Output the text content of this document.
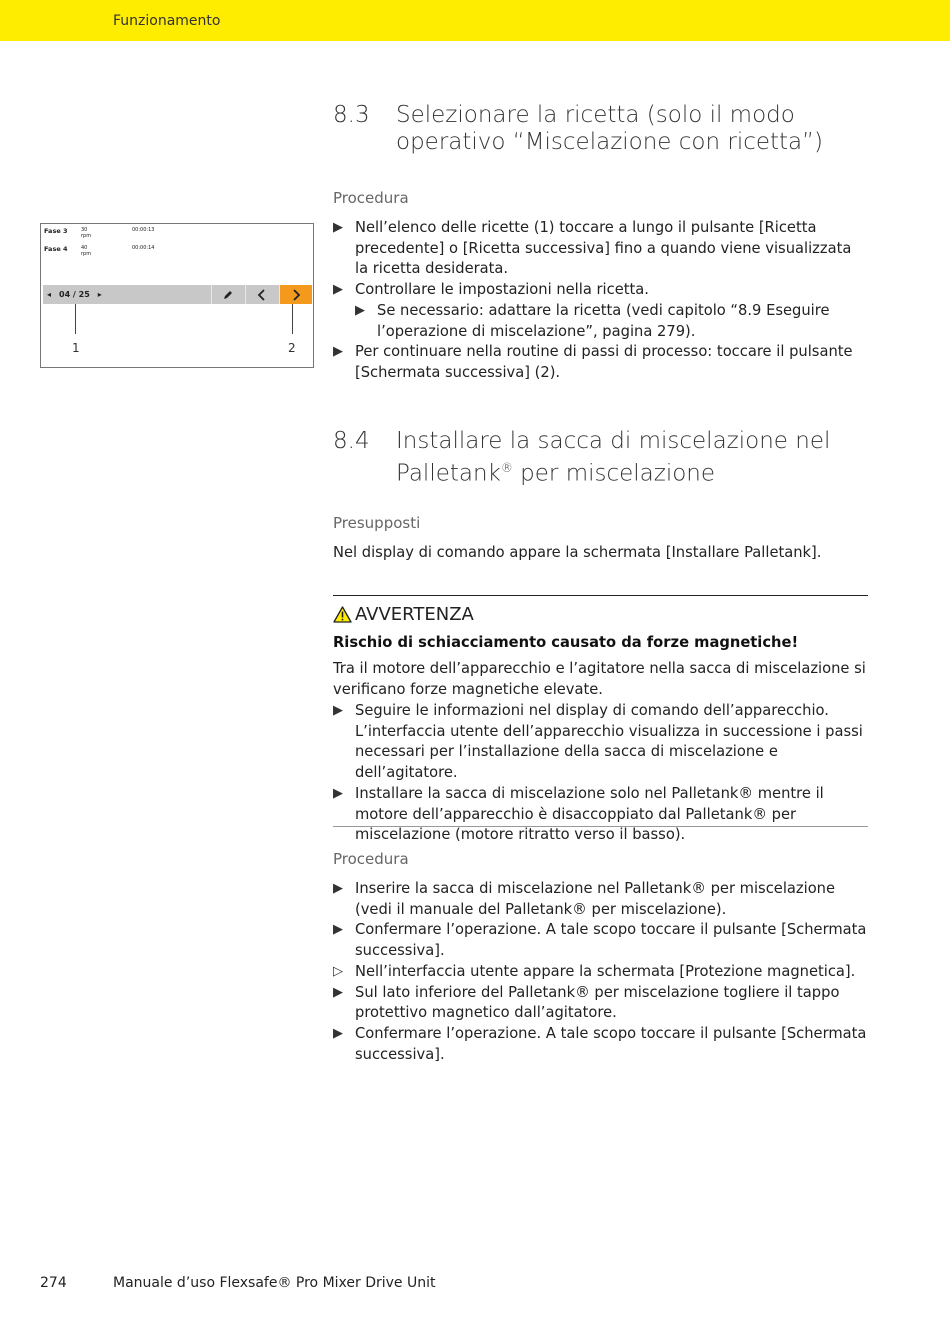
Funzionamento
8.3 Selezionare la ricetta (solo il modo operativo “Miscelazione con ricetta”)
Procedura
▶ Nell’elenco delle ricette (1) toccare a lungo il pulsante [Ricetta precedente] o [Ricetta successiva] fino a quando viene visualizzata la ricetta desiderata.
▶ Controllare le impostazioni nella ricetta.
▶ Se necessario: adattare la ricetta (vedi capitolo “8.9 Eseguire l’operazione di miscelazione”, pagina 279).
▶ Per continuare nella routine di passi di processo: toccare il pulsante [Schermata successiva] (2).
Fase 3	30 rpm
00:00:13
Fase 4	40 rpm
00:00:14
◂ 04 / 25 ▸
1	2
8.4 Installare la sacca di miscelazione nel
Palletank® per miscelazione
Presupposti
Nel display di comando appare la schermata [Installare Palletank].
AVVERTENZA
Rischio di schiacciamento causato da forze magnetiche!
Tra il motore dell’apparecchio e l’agitatore nella sacca di miscelazione si verificano forze magnetiche elevate.
▶ Seguire le informazioni nel display di comando dell’apparecchio. L’interfaccia utente dell’apparecchio visualizza in successione i passi necessari per l’installazione della sacca di miscelazione e dell’agitatore.
▶ Installare la sacca di miscelazione solo nel Palletank® mentre il motore dell’apparecchio è disaccoppiato dal Palletank® per miscelazione (motore ritratto verso il basso).
Procedura
▶ Inserire la sacca di miscelazione nel Palletank® per miscelazione (vedi il manuale del Palletank® per miscelazione).
▶ Confermare l’operazione. A tale scopo toccare il pulsante [Schermata successiva].
▷ Nell’interfaccia utente appare la schermata [Protezione magnetica].
▶ Sul lato inferiore del Palletank® per miscelazione togliere il tappo protettivo magnetico dall’agitatore.
▶ Confermare l’operazione. A tale scopo toccare il pulsante [Schermata successiva].
274	Manuale d’uso Flexsafe® Pro Mixer Drive Unit
